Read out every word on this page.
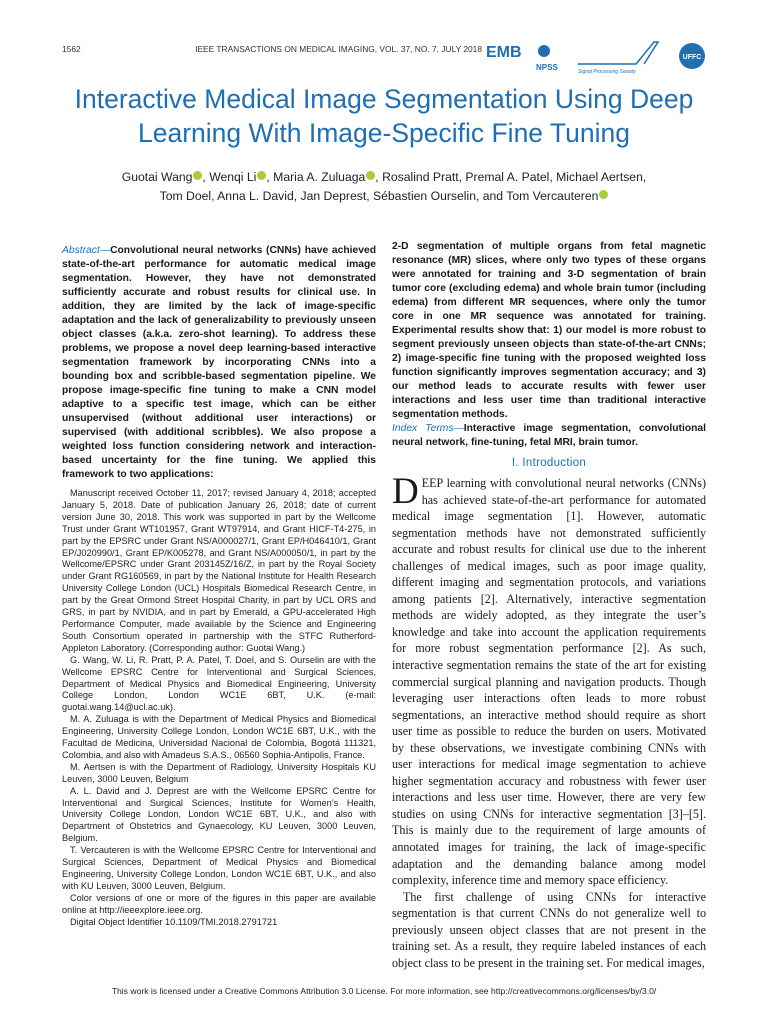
1562	IEEE TRANSACTIONS ON MEDICAL IMAGING, VOL. 37, NO. 7, JULY 2018 EMB
NPSS	Signal Processing Society
UFFC
Interactive Medical Image Segmentation Using Deep Learning With Image-Specific Fine Tuning
Guotai Wang , Wenqi Li , Maria A. Zuluaga , Rosalind Pratt, Premal A. Patel, Michael Aertsen,
Tom Doel, Anna L. David, Jan Deprest, Sébastien Ourselin, and Tom Vercauteren
Abstract—Convolutional neural networks (CNNs) have achieved state-of-the-art performance for automatic medical image segmentation. However, they have not demonstrated sufficiently accurate and robust results for clinical use. In addition, they are limited by the lack of image-specific adaptation and the lack of generalizability to previously unseen object classes (a.k.a. zero-shot learning). To address these problems, we propose a novel deep learning-based interactive segmentation framework by incorporating CNNs into a bounding box and scribble-based segmentation pipeline. We propose image-specific fine tuning to make a CNN model adaptive to a specific test image, which can be either unsupervised (without additional user interactions) or supervised (with additional scribbles). We also propose a weighted loss function considering network and interaction-based uncertainty for the fine tuning. We applied this framework to two applications:
2-D segmentation of multiple organs from fetal magnetic resonance (MR) slices, where only two types of these organs were annotated for training and 3-D segmentation of brain tumor core (excluding edema) and whole brain tumor (including edema) from different MR sequences, where only the tumor core in one MR sequence was annotated for training. Experimental results show that: 1) our model is more robust to segment previously unseen objects than state-of-the-art CNNs; 2) image-specific fine tuning with the proposed weighted loss function significantly improves segmentation accuracy; and 3) our method leads to accurate results with fewer user interactions and less user time than traditional interactive segmentation methods.
Index Terms—Interactive image segmentation, convolutional neural network, fine-tuning, fetal MRI, brain tumor.
I. Introduction

DEEP learning with convolutional neural networks (CNNs) has achieved state-of-the-art performance for automated medical image segmentation [1]. However, automatic segmentation methods have not demonstrated sufficiently accurate and robust results for clinical use due to the inherent challenges of medical images, such as poor image quality, different imaging and segmentation protocols, and variations among patients [2]. Alternatively, interactive segmentation methods are widely adopted, as they integrate the user’s knowledge and take into account the application requirements for more robust segmentation performance [2]. As such, interactive segmentation remains the state of the art for existing commercial surgical planning and navigation products. Though leveraging user interactions often leads to more robust segmentations, an interactive method should require as short user time as possible to reduce the burden on users. Motivated by these observations, we investigate combining CNNs with user interactions for medical image segmentation to achieve higher segmentation accuracy and robustness with fewer user interactions and less user time. However, there are very few studies on using CNNs for interactive segmentation [3]–[5]. This is mainly due to the requirement of large amounts of annotated images for training, the lack of image-specific adaptation and the demanding balance among model complexity, inference time and memory space efficiency.

The first challenge of using CNNs for interactive segmentation is that current CNNs do not generalize well to previously unseen object classes that are not present in the training set. As a result, they require labeled instances of each object class to be present in the training set. For medical images,

Manuscript received October 11, 2017; revised January 4, 2018; accepted January 5, 2018. Date of publication January 26, 2018; date of current version June 30, 2018. This work was supported in part by the Wellcome Trust under Grant WT101957, Grant WT97914, and Grant HICF-T4-275, in part by the EPSRC under Grant NS/A000027/1, Grant EP/H046410/1, Grant EP/J020990/1, Grant EP/K005278, and Grant NS/A000050/1, in part by the Wellcome/EPSRC under Grant 203145Z/16/Z, in part by the Royal Society under Grant RG160569, in part by the National Institute for Health Research University College London (UCL) Hospitals Biomedical Research Centre, in part by the Great Ormond Street Hospital Charity, in part by UCL ORS and GRS, in part by NVIDIA, and in part by Emerald, a GPU-accelerated High Performance Computer, made available by the Science and Engineering South Consortium operated in partnership with the STFC Rutherford-Appleton Laboratory. (Corresponding author: Guotai Wang.)

G. Wang, W. Li, R. Pratt, P. A. Patel, T. Doel, and S. Ourselin are with the Wellcome EPSRC Centre for Interventional and Surgical Sciences, Department of Medical Physics and Biomedical Engineering, University College London, London WC1E 6BT, U.K. (e-mail: guotai.wang.14@ucl.ac.uk).

M. A. Zuluaga is with the Department of Medical Physics and Biomedical Engineering, University College London, London WC1E 6BT, U.K., with the Facultad de Medicina, Universidad Nacional de Colombia, Bogotá 111321, Colombia, and also with Amadeus S.A.S., 06560 Sophia-Antipolis, France.

M. Aertsen is with the Department of Radiology, University Hospitals KU Leuven, 3000 Leuven, Belgium

A. L. David and J. Deprest are with the Wellcome EPSRC Centre for Interventional and Surgical Sciences, Institute for Women’s Health, University College London, London WC1E 6BT, U.K., and also with Department of Obstetrics and Gynaecology, KU Leuven, 3000 Leuven, Belgium.

T. Vercauteren is with the Wellcome EPSRC Centre for Interventional and Surgical Sciences, Department of Medical Physics and Biomedical Engineering, University College London, London WC1E 6BT, U.K., and also with KU Leuven, 3000 Leuven, Belgium.

Color versions of one or more of the figures in this paper are available online at http://ieeexplore.ieee.org.

Digital Object Identifier 10.1109/TMI.2018.2791721

This work is licensed under a Creative Commons Attribution 3.0 License. For more information, see http://creativecommons.org/licenses/by/3.0/
